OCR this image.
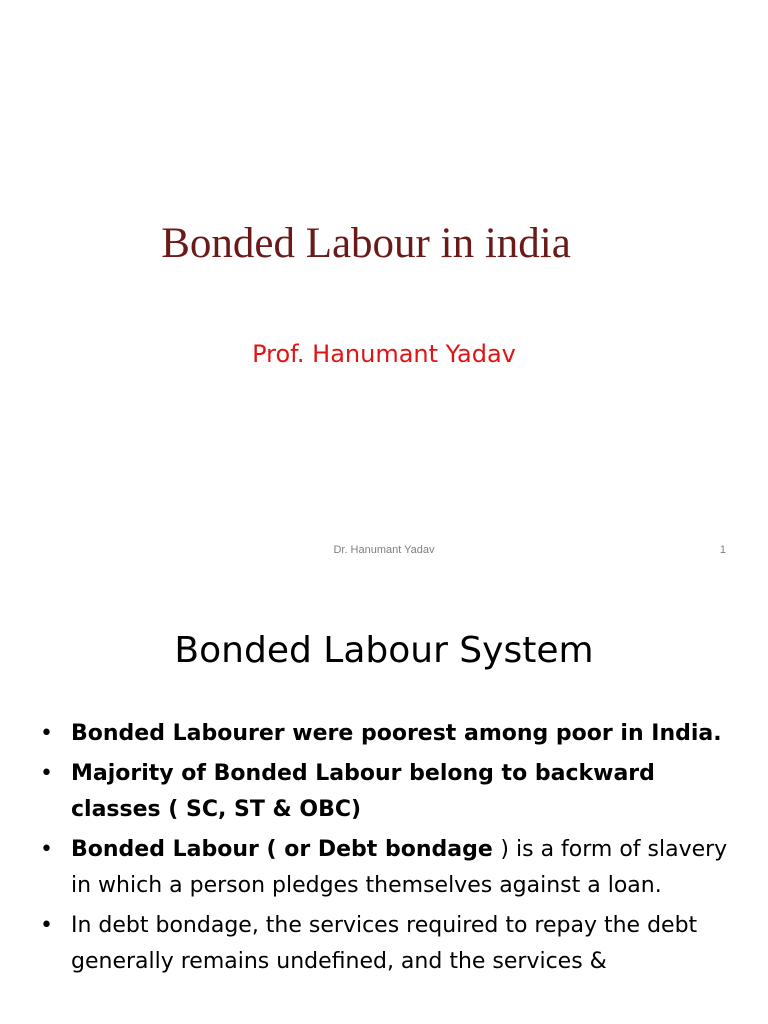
Bonded Labour in india
Prof. Hanumant Yadav
Dr. Hanumant Yadav	1
Bonded Labour System
• Bonded Labourer were poorest among poor in India.
• Majority of Bonded Labour belong to backward classes ( SC, ST & OBC)
• Bonded Labour ( or Debt bondage ) is a form of slavery in which a person pledges themselves against a loan.
• In debt bondage, the services required to repay the debt generally remains undefined, and the services &
